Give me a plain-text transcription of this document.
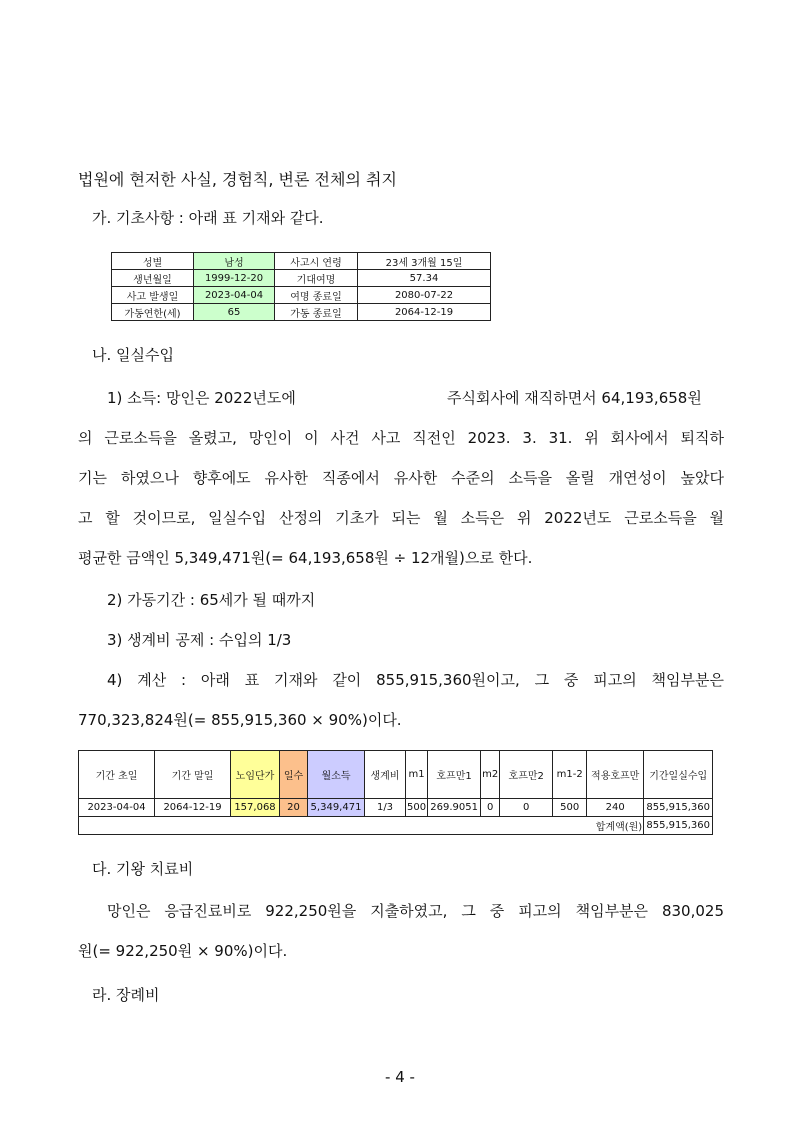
법원에 현저한 사실, 경험칙, 변론 전체의 취지
가. 기초사항 : 아래 표 기재와 같다.
성별	남성	사고시 연령	23세 3개월 15일
생년월일	1999-12-20	기대여명	57.34
사고 발생일	2023-04-04	여명 종료일	2080-07-22
가동연한(세)	65	가동 종료일	2064-12-19
나. 일실수입
1) 소득: 망인은 2022년도에	주식회사에 재직하면서 64,193,658원
의 근로소득을 올렸고, 망인이 이 사건 사고 직전인 2023. 3. 31. 위 회사에서 퇴직하
기는 하였으나 향후에도 유사한 직종에서 유사한 수준의 소득을 올릴 개연성이 높았다
고 할 것이므로, 일실수입 산정의 기초가 되는 월 소득은 위 2022년도 근로소득을 월
평균한 금액인 5,349,471원(= 64,193,658원 ÷ 12개월)으로 한다.
2) 가동기간 : 65세가 될 때까지
3) 생계비 공제 : 수입의 1/3
4) 계산 : 아래 표 기재와 같이 855,915,360원이고, 그 중 피고의 책임부분은
770,323,824원(= 855,915,360 × 90%)이다.
기간 초일	기간 말일	노임단가	일수	월소득	생계비	m1	호프만1	m2	호프만2	m1-2	적용호프만	기간일실수입
2023-04-04	2064-12-19	157,068	20	5,349,471	1/3	500	269.9051	0	0	500	240	855,915,360
합계액(원)												855,915,360
다. 기왕 치료비
망인은 응급진료비로 922,250원을 지출하였고, 그 중 피고의 책임부분은 830,025
원(= 922,250원 × 90%)이다.
라. 장례비
- 4 -
